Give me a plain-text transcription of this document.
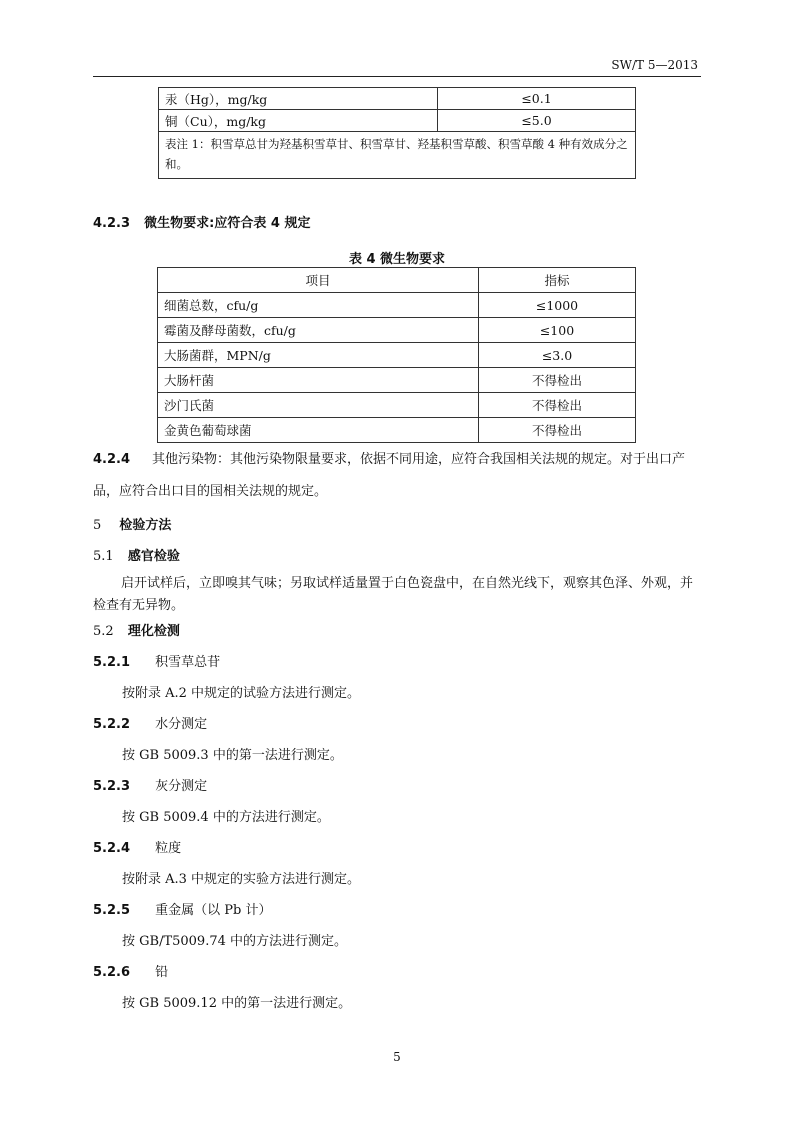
SW/T 5—2013
汞（Hg），mg/kg	≤0.1
铜（Cu），mg/kg	≤5.0
表注 1：积雪草总甘为羟基积雪草甘、积雪草甘、羟基积雪草酸、积雪草酸 4 种有效成分之和。	
4.2.3 微生物要求:应符合表 4 规定
表 4 微生物要求
项目	指标
细菌总数，cfu/g	≤1000
霉菌及酵母菌数，cfu/g	≤100
大肠菌群，MPN/g	≤3.0
大肠杆菌	不得检出
沙门氏菌	不得检出
金黄色葡萄球菌	不得检出
4.2.4 其他污染物：其他污染物限量要求，依据不同用途，应符合我国相关法规的规定。对于出口产品，应符合出口目的国相关法规的规定。
5 检验方法
5.1 感官检验
启开试样后，立即嗅其气味；另取试样适量置于白色瓷盘中，在自然光线下，观察其色泽、外观，并检查有无异物。
5.2 理化检测
5.2.1 积雪草总苷
按附录 A.2 中规定的试验方法进行测定。
5.2.2 水分测定
按 GB 5009.3 中的第一法进行测定。
5.2.3 灰分测定
按 GB 5009.4 中的方法进行测定。
5.2.4 粒度
按附录 A.3 中规定的实验方法进行测定。
5.2.5 重金属（以 Pb 计）
按 GB/T5009.74 中的方法进行测定。
5.2.6 铅
按 GB 5009.12 中的第一法进行测定。
5
